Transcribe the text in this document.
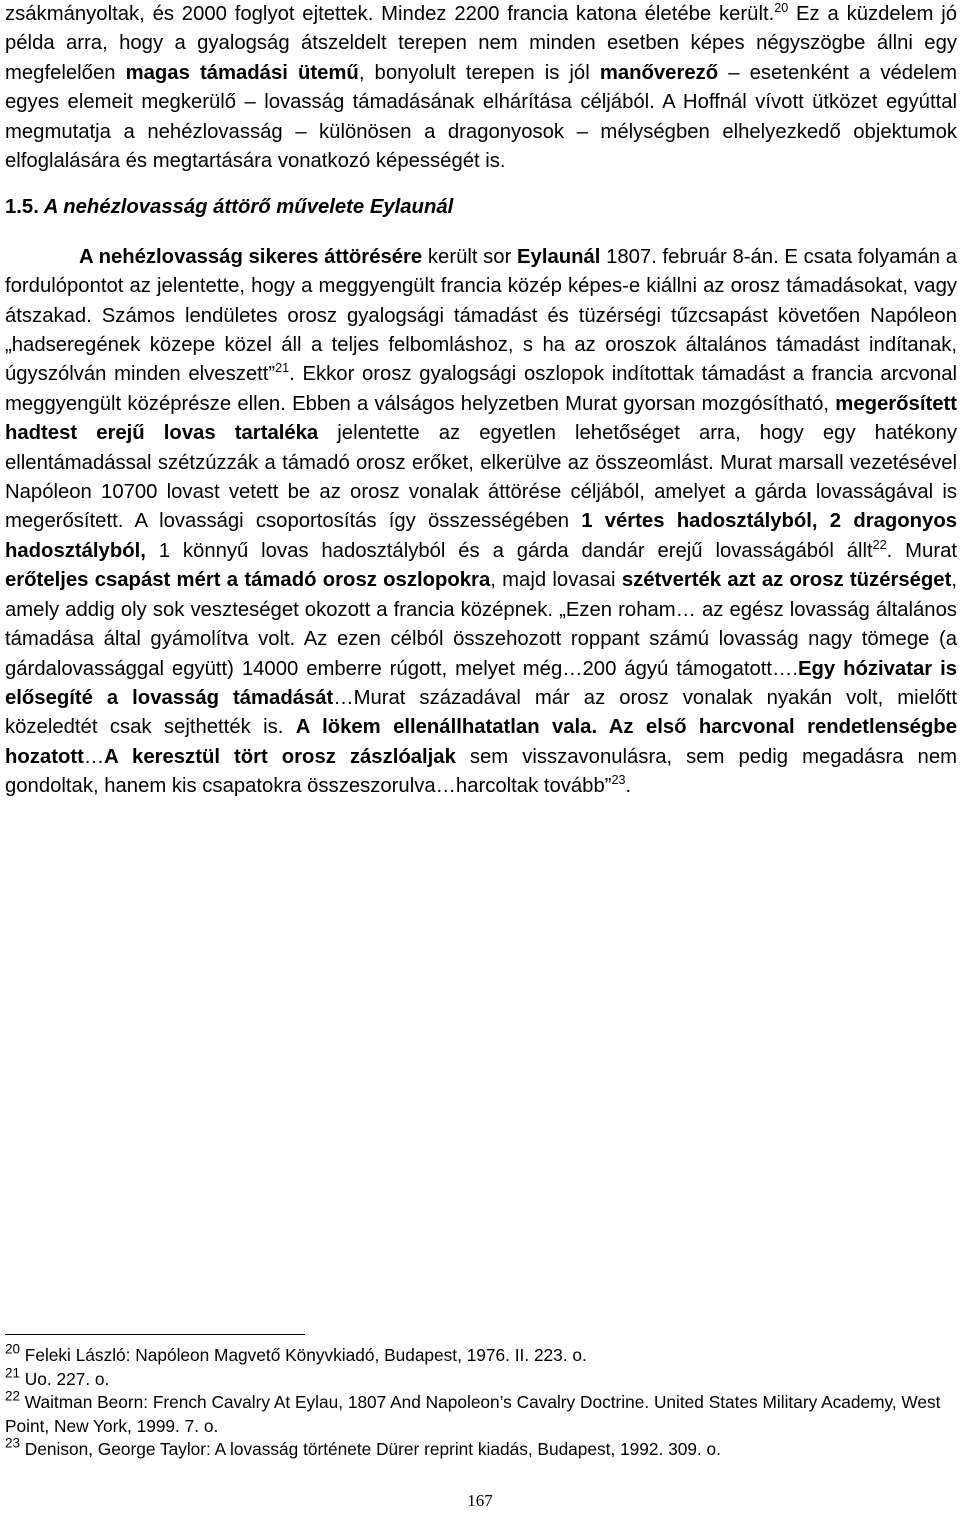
zsákmányoltak, és 2000 foglyot ejtettek. Mindez 2200 francia katona életébe került.$^{20}$ Ez a küzdelem jó példa arra, hogy a gyalogság átszeldelt terepen nem minden esetben képes négyszögbe állni egy megfelelően magas támadási ütemű, bonyolult terepen is jól manőverező – esetenként a védelem egyes elemeit megkerülő – lovasság támadásának elhárítása céljából. A Hoffnál vívott ütközet egyúttal megmutatja a nehézlovasság – különösen a dragonyosok – mélységben elhelyezkedő objektumok elfoglalására és megtartására vonatkozó képességét is.

1.5. A nehézlovasság áttörő művelete Eylaunál

A nehézlovasság sikeres áttörésére került sor Eylaunál 1807. február 8-án. E csata folyamán a fordulópontot az jelentette, hogy a meggyengült francia közép képes-e kiállni az orosz támadásokat, vagy átszakad. Számos lendületes orosz gyalogsági támadást és tüzérségi tűzcsapást követően Napóleon „hadseregének közepe közel áll a teljes felbomláshoz, s ha az oroszok általános támadást indítanak, úgyszólván minden elveszett”$^{21}$. Ekkor orosz gyalogsági oszlopok indítottak támadást a francia arcvonal meggyengült középrésze ellen. Ebben a válságos helyzetben Murat gyorsan mozgósítható, megerősített hadtest erejű lovas tartaléka jelentette az egyetlen lehetőséget arra, hogy egy hatékony ellentámadással szétzúzzák a támadó orosz erőket, elkerülve az összeomlást. Murat marsall vezetésével Napóleon 10700 lovast vetett be az orosz vonalak áttörése céljából, amelyet a gárda lovasságával is megerősített. A lovassági csoportosítás így összességében 1 vértes hadosztályból, 2 dragonyos hadosztályból, 1 könnyű lovas hadosztályból és a gárda dandár erejű lovasságából állt$^{22}$. Murat erőteljes csapást mért a támadó orosz oszlopokra, majd lovasai szétverték azt az orosz tüzérséget, amely addig oly sok veszteséget okozott a francia középnek. „Ezen roham… az egész lovasság általános támadása által gyámolítva volt. Az ezen célból összehozott roppant számú lovasság nagy tömege (a gárdalovassággal együtt) 14000 emberre rúgott, melyet még…200 ágyú támogatott….Egy hózivatar is elősegíté a lovasság támadását…Murat századával már az orosz vonalak nyakán volt, mielőtt közeledtét csak sejthették is. A lökem ellenállhatatlan vala. Az első harcvonal rendetlenségbe hozatott…A keresztül tört orosz zászlóaljak sem visszavonulásra, sem pedig megadásra nem gondoltak, hanem kis csapatokra összeszorulva…harcoltak tovább”$^{23}$.

$^{20}$ Feleki László: Napóleon Magvető Könyvkiadó, Budapest, 1976. II. 223. o.

$^{21}$ Uo. 227. o.

$^{22}$ Waitman Beorn: French Cavalry At Eylau, 1807 And Napoleon’s Cavalry Doctrine. United States Military Academy, West Point, New York, 1999. 7. o.

$^{23}$ Denison, George Taylor: A lovasság története Dürer reprint kiadás, Budapest, 1992. 309. o.

167
